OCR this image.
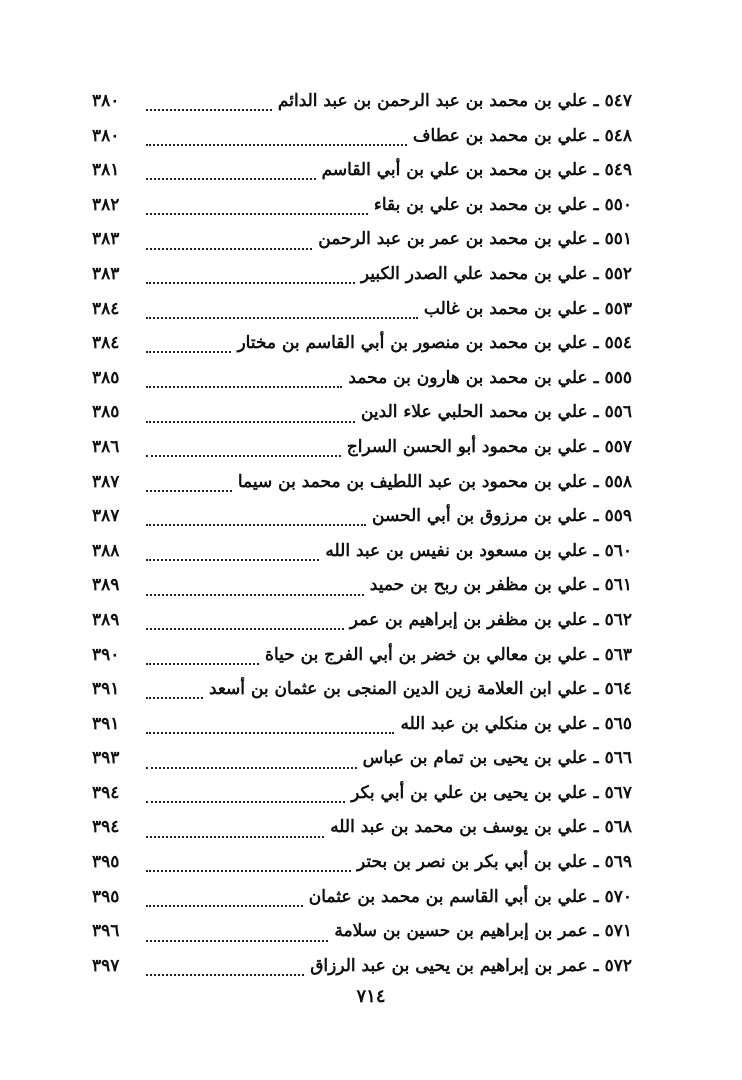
٥٤٧
ـ
علي بن محمد بن عبد الرحمن بن عبد الدائم
٣٨٠
٥٤٨
ـ
علي بن محمد بن عطاف
٣٨٠
٥٤٩
ـ
علي بن محمد بن علي بن أبي القاسم
٣٨١
٥٥٠
ـ
علي بن محمد بن علي بن بقاء
٣٨٢
٥٥١
ـ
علي بن محمد بن عمر بن عبد الرحمن
٣٨٣
٥٥٢
ـ
علي بن محمد علي الصدر الكبير
٣٨٣
٥٥٣
ـ
علي بن محمد بن غالب
٣٨٤
٥٥٤
ـ
علي بن محمد بن منصور بن أبي القاسم بن مختار
٣٨٤
٥٥٥
ـ
علي بن محمد بن هارون بن محمد
٣٨٥
٥٥٦
ـ
علي بن محمد الحلبي علاء الدين
٣٨٥
٥٥٧
ـ
علي بن محمود أبو الحسن السراج
٣٨٦
٥٥٨
ـ
علي بن محمود بن عبد اللطيف بن محمد بن سيما
٣٨٧
٥٥٩
ـ
علي بن مرزوق بن أبي الحسن
٣٨٧
٥٦٠
ـ
علي بن مسعود بن نفيس بن عبد الله
٣٨٨
٥٦١
ـ
علي بن مظفر بن ربح بن حميد
٣٨٩
٥٦٢
ـ
علي بن مظفر بن إبراهيم بن عمر
٣٨٩
٥٦٣
ـ
علي بن معالي بن خضر بن أبي الفرج بن حياة
٣٩٠
٥٦٤
ـ
علي ابن العلامة زين الدين المنجى بن عثمان بن أسعد
٣٩١
٥٦٥
ـ
علي بن منكلي بن عبد الله
٣٩١
٥٦٦
ـ
علي بن يحيى بن تمام بن عباس
٣٩٣
٥٦٧
ـ
علي بن يحيى بن علي بن أبي بكر
٣٩٤
٥٦٨
ـ
علي بن يوسف بن محمد بن عبد الله
٣٩٤
٥٦٩
ـ
علي بن أبي بكر بن نصر بن بحتر
٣٩٥
٥٧٠
ـ
علي بن أبي القاسم بن محمد بن عثمان
٣٩٥
٥٧١
ـ
عمر بن إبراهيم بن حسين بن سلامة
٣٩٦
٥٧٢
ـ
عمر بن إبراهيم بن يحيى بن عبد الرزاق
٣٩٧
٧١٤
